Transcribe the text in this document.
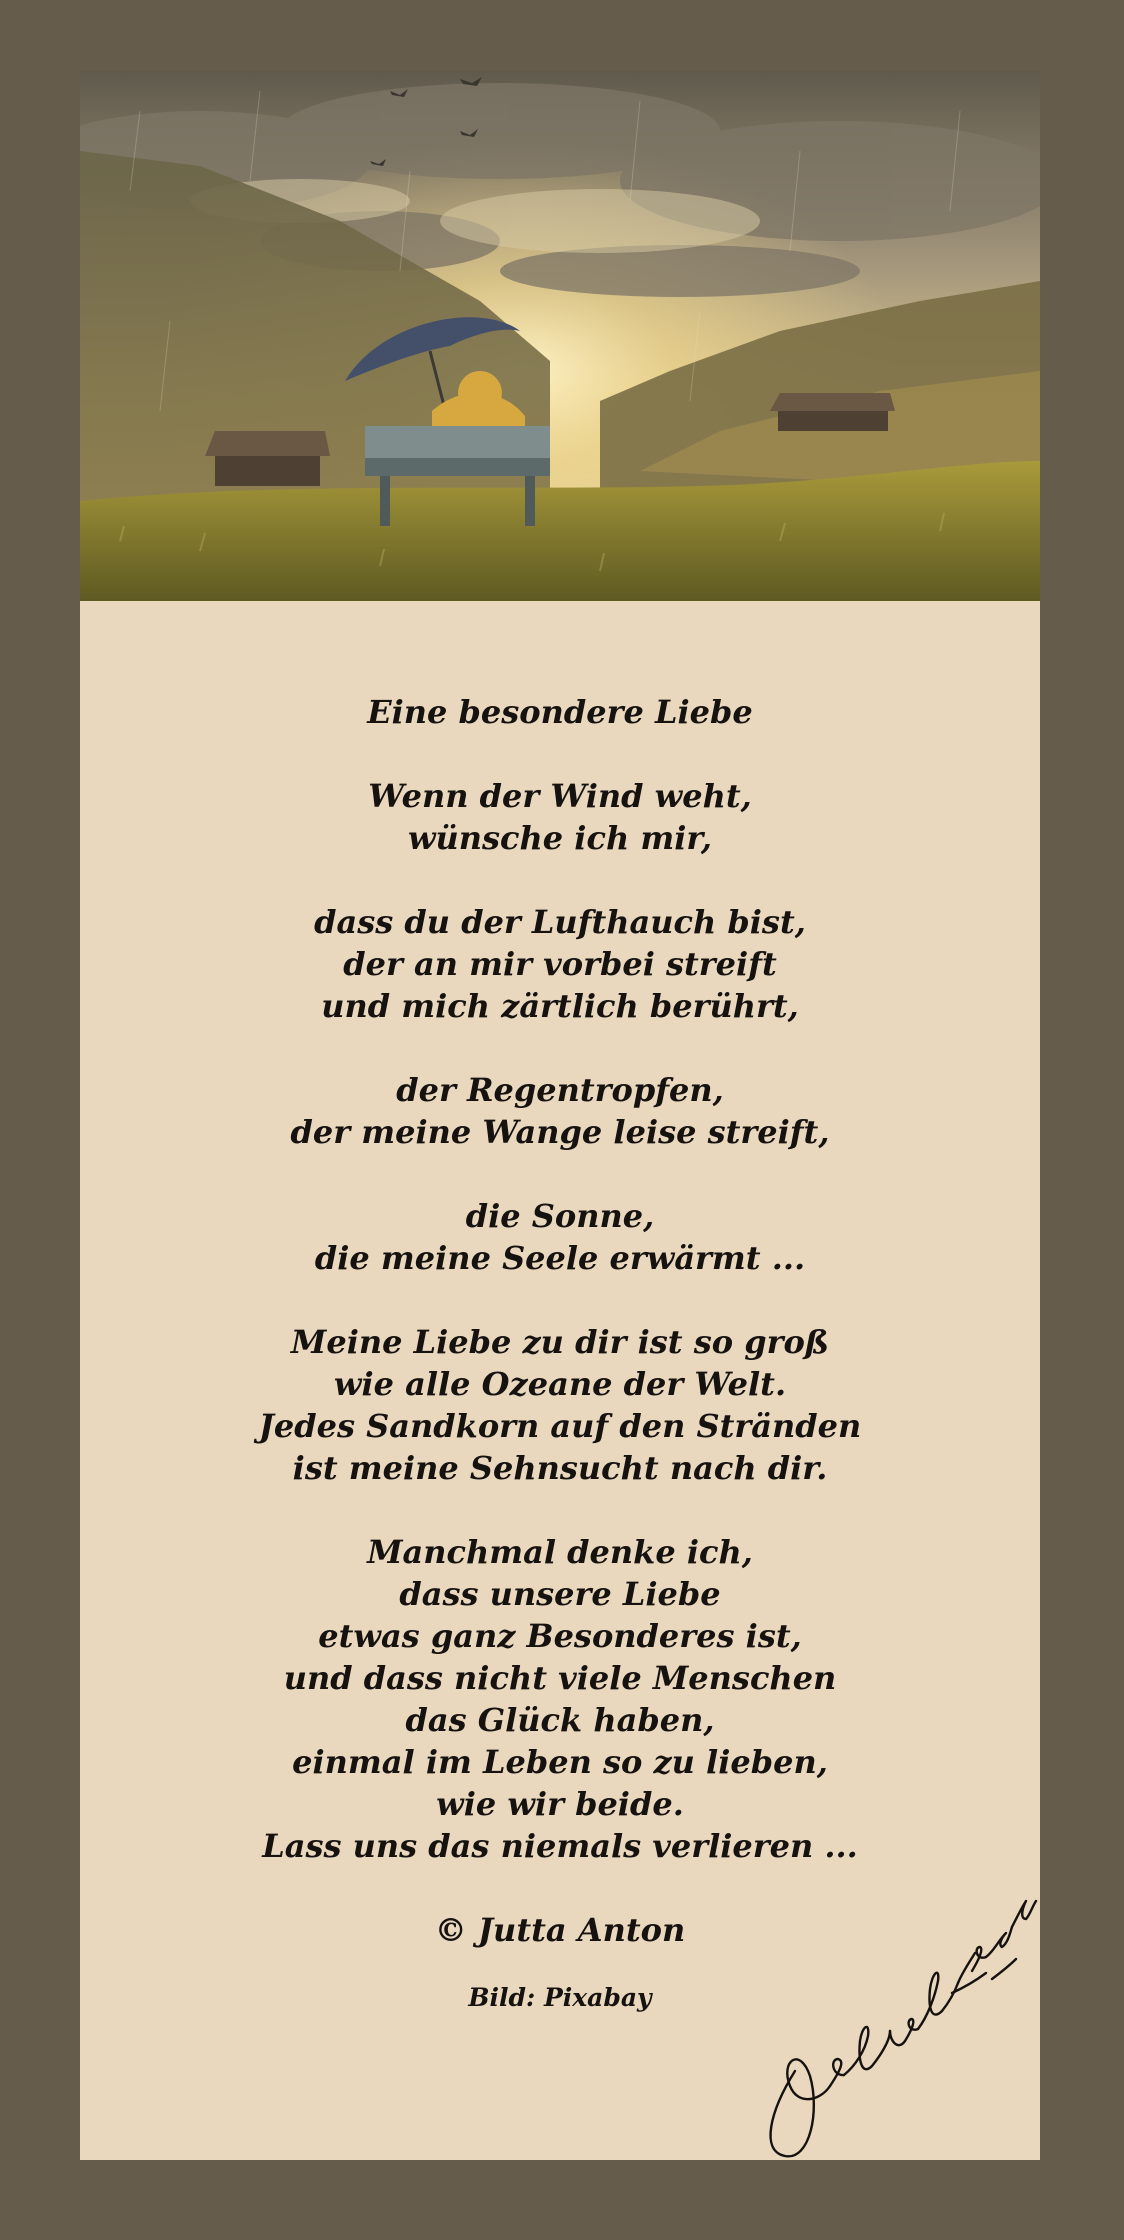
Eine besondere Liebe
Wenn der Wind weht,
wünsche ich mir,
dass du der Lufthauch bist,
der an mir vorbei streift
und mich zärtlich berührt,
der Regentropfen,
der meine Wange leise streift,
die Sonne,
die meine Seele erwärmt ...
Meine Liebe zu dir ist so groß
wie alle Ozeane der Welt.
Jedes Sandkorn auf den Stränden
ist meine Sehnsucht nach dir.
Manchmal denke ich,
dass unsere Liebe
etwas ganz Besonderes ist,
und dass nicht viele Menschen
das Glück haben,
einmal im Leben so zu lieben,
wie wir beide.
Lass uns das niemals verlieren ...
© Jutta Anton
Bild: Pixabay
